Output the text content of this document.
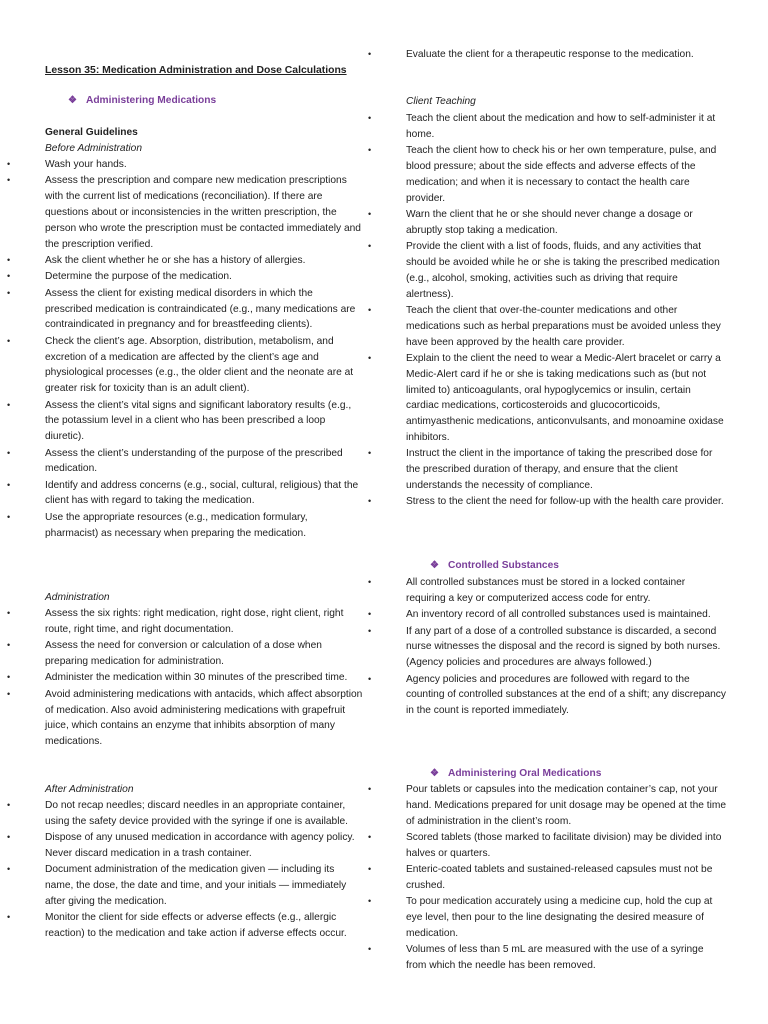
Lesson 35: Medication Administration and Dose Calculations
❖ Administering Medications
General Guidelines
Before Administration
•	Wash your hands.
•	Assess the prescription and compare new medication prescriptions with the current list of medications (reconciliation). If there are questions about or inconsistencies in the written prescription, the person who wrote the prescription must be contacted immediately and the prescription verified.
•	Ask the client whether he or she has a history of allergies.
•	Determine the purpose of the medication.
•	Assess the client for existing medical disorders in which the prescribed medication is contraindicated (e.g., many medications are contraindicated in pregnancy and for breastfeeding clients).
•	Check the client’s age. Absorption, distribution, metabolism, and excretion of a medication are affected by the client’s age and physiological processes (e.g., the older client and the neonate are at greater risk for toxicity than is an adult client).
•	Assess the client’s vital signs and significant laboratory results (e.g., the potassium level in a client who has been prescribed a loop diuretic).
•	Assess the client’s understanding of the purpose of the prescribed medication.
•	Identify and address concerns (e.g., social, cultural, religious) that the client has with regard to taking the medication.
•	Use the appropriate resources (e.g., medication formulary, pharmacist) as necessary when preparing the medication.
Administration
•	Assess the six rights: right medication, right dose, right client, right route, right time, and right documentation.
•	Assess the need for conversion or calculation of a dose when preparing medication for administration.
•	Administer the medication within 30 minutes of the prescribed time.
•	Avoid administering medications with antacids, which affect absorption of medication. Also avoid administering medications with grapefruit juice, which contains an enzyme that inhibits absorption of many medications.
After Administration
•	Do not recap needles; discard needles in an appropriate container, using the safety device provided with the syringe if one is available.
•	Dispose of any unused medication in accordance with agency policy. Never discard medication in a trash container.
•	Document administration of the medication given — including its name, the dose, the date and time, and your initials — immediately after giving the medication.
•	Monitor the client for side effects or adverse effects (e.g., allergic reaction) to the medication and take action if adverse effects occur.
•	Evaluate the client for a therapeutic response to the medication.
Client Teaching
•	Teach the client about the medication and how to self-administer it at home.
•	Teach the client how to check his or her own temperature, pulse, and blood pressure; about the side effects and adverse effects of the medication; and when it is necessary to contact the health care provider.
•	Warn the client that he or she should never change a dosage or abruptly stop taking a medication.
•	Provide the client with a list of foods, fluids, and any activities that should be avoided while he or she is taking the prescribed medication (e.g., alcohol, smoking, activities such as driving that require alertness).
•	Teach the client that over-the-counter medications and other medications such as herbal preparations must be avoided unless they have been approved by the health care provider.
•	Explain to the client the need to wear a Medic-Alert bracelet or carry a Medic-Alert card if he or she is taking medications such as (but not limited to) anticoagulants, oral hypoglycemics or insulin, certain cardiac medications, corticosteroids and glucocorticoids, antimyasthenic medications, anticonvulsants, and monoamine oxidase inhibitors.
•	Instruct the client in the importance of taking the prescribed dose for the prescribed duration of therapy, and ensure that the client understands the necessity of compliance.
•	Stress to the client the need for follow-up with the health care provider.
❖ Controlled Substances
•	All controlled substances must be stored in a locked container requiring a key or computerized access code for entry.
•	An inventory record of all controlled substances used is maintained.
•	If any part of a dose of a controlled substance is discarded, a second nurse witnesses the disposal and the record is signed by both nurses. (Agency policies and procedures are always followed.)
•	Agency policies and procedures are followed with regard to the counting of controlled substances at the end of a shift; any discrepancy in the count is reported immediately.
❖ Administering Oral Medications
•	Pour tablets or capsules into the medication container’s cap, not your hand. Medications prepared for unit dosage may be opened at the time of administration in the client’s room.
•	Scored tablets (those marked to facilitate division) may be divided into halves or quarters.
•	Enteric-coated tablets and sustained-released capsules must not be crushed.
•	To pour medication accurately using a medicine cup, hold the cup at eye level, then pour to the line designating the desired measure of medication.
•	Volumes of less than 5 mL are measured with the use of a syringe from which the needle has been removed.
